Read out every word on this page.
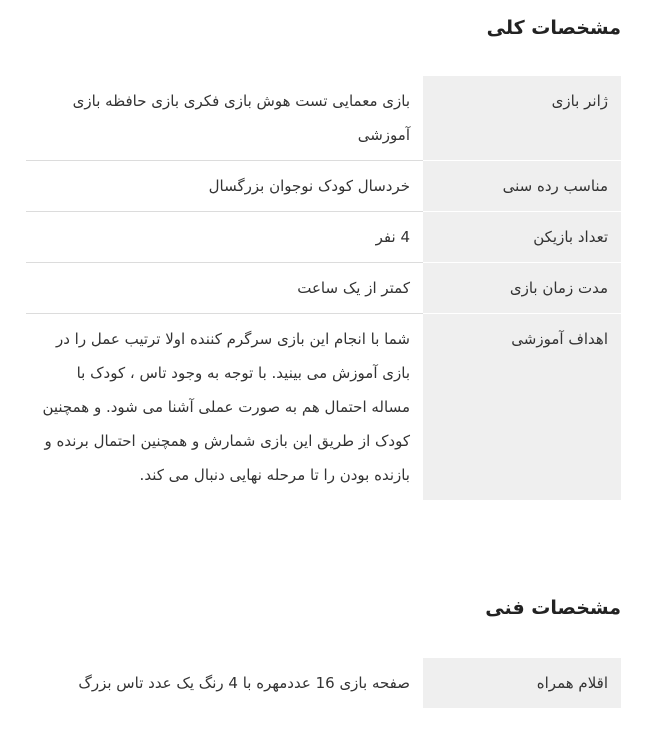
مشخصات کلی
ژانر بازی	بازی معمایی تست هوش بازی فکری بازی حافظه بازی آموزشی
مناسب رده سنی	خردسال کودک نوجوان بزرگسال
تعداد بازیکن	4 نفر
مدت زمان بازی	کمتر از یک ساعت
اهداف آموزشی	شما با انجام این بازی سرگرم کننده اولا ترتیب عمل را در بازی آموزش می بینید. با توجه به وجود تاس ، کودک با مساله احتمال هم به صورت عملی آشنا می شود. و همچنین کودک از طریق این بازی شمارش و همچنین احتمال برنده و بازنده بودن را تا مرحله نهایی دنبال می کند.
مشخصات فنی
اقلام همراه	صفحه بازی 16 عددمهره با 4 رنگ یک عدد تاس بزرگ
